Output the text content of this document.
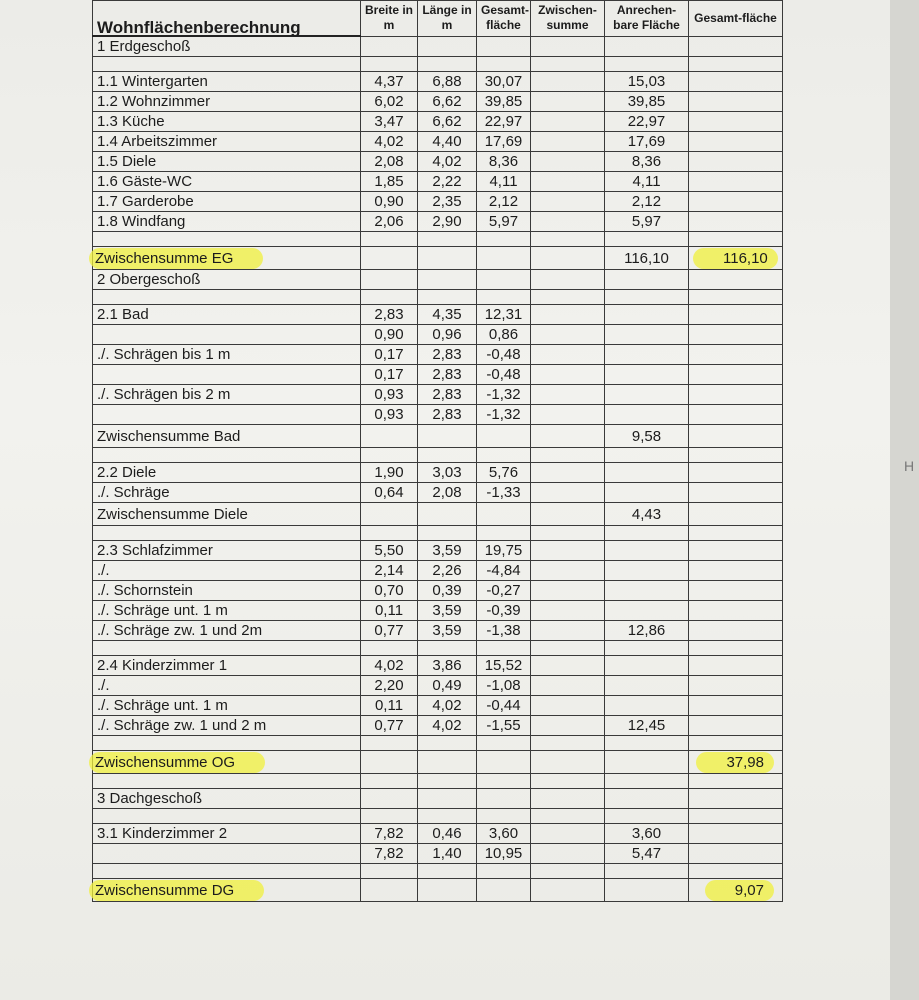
H
Wohnflächenberechnung	Breite in m	Länge in m	Gesamt-fläche	Zwischen-summe	Anrechen-bare Fläche	Gesamt-fläche
1 Erdgeschoß						

1.1 Wintergarten	4,37	6,88	30,07		15,03	
1.2 Wohnzimmer	6,02	6,62	39,85		39,85	
1.3 Küche	3,47	6,62	22,97		22,97	
1.4 Arbeitszimmer	4,02	4,40	17,69		17,69	
1.5 Diele	2,08	4,02	8,36		8,36	
1.6 Gäste-WC	1,85	2,22	4,11		4,11	
1.7 Garderobe	0,90	2,35	2,12		2,12	
1.8 Windfang	2,06	2,90	5,97		5,97	

Zwischensumme EG					116,10	116,10
2 Obergeschoß						

2.1 Bad	2,83	4,35	12,31			
	0,90	0,96	0,86			
./. Schrägen bis 1 m	0,17	2,83	-0,48			
	0,17	2,83	-0,48			
./. Schrägen bis 2 m	0,93	2,83	-1,32			
	0,93	2,83	-1,32			
Zwischensumme Bad					9,58	

2.2 Diele	1,90	3,03	5,76			
./. Schräge	0,64	2,08	-1,33			
Zwischensumme Diele					4,43	

2.3 Schlafzimmer	5,50	3,59	19,75			
./.	2,14	2,26	-4,84			
./. Schornstein	0,70	0,39	-0,27			
./. Schräge unt. 1 m	0,11	3,59	-0,39			
./. Schräge zw. 1 und 2m	0,77	3,59	-1,38		12,86	

2.4 Kinderzimmer 1	4,02	3,86	15,52			
./.	2,20	0,49	-1,08			
./. Schräge unt. 1 m	0,11	4,02	-0,44			
./. Schräge zw. 1 und 2 m	0,77	4,02	-1,55		12,45	

Zwischensumme OG						37,98

3 Dachgeschoß						

3.1 Kinderzimmer 2	7,82	0,46	3,60		3,60	
	7,82	1,40	10,95		5,47	

Zwischensumme DG						9,07
